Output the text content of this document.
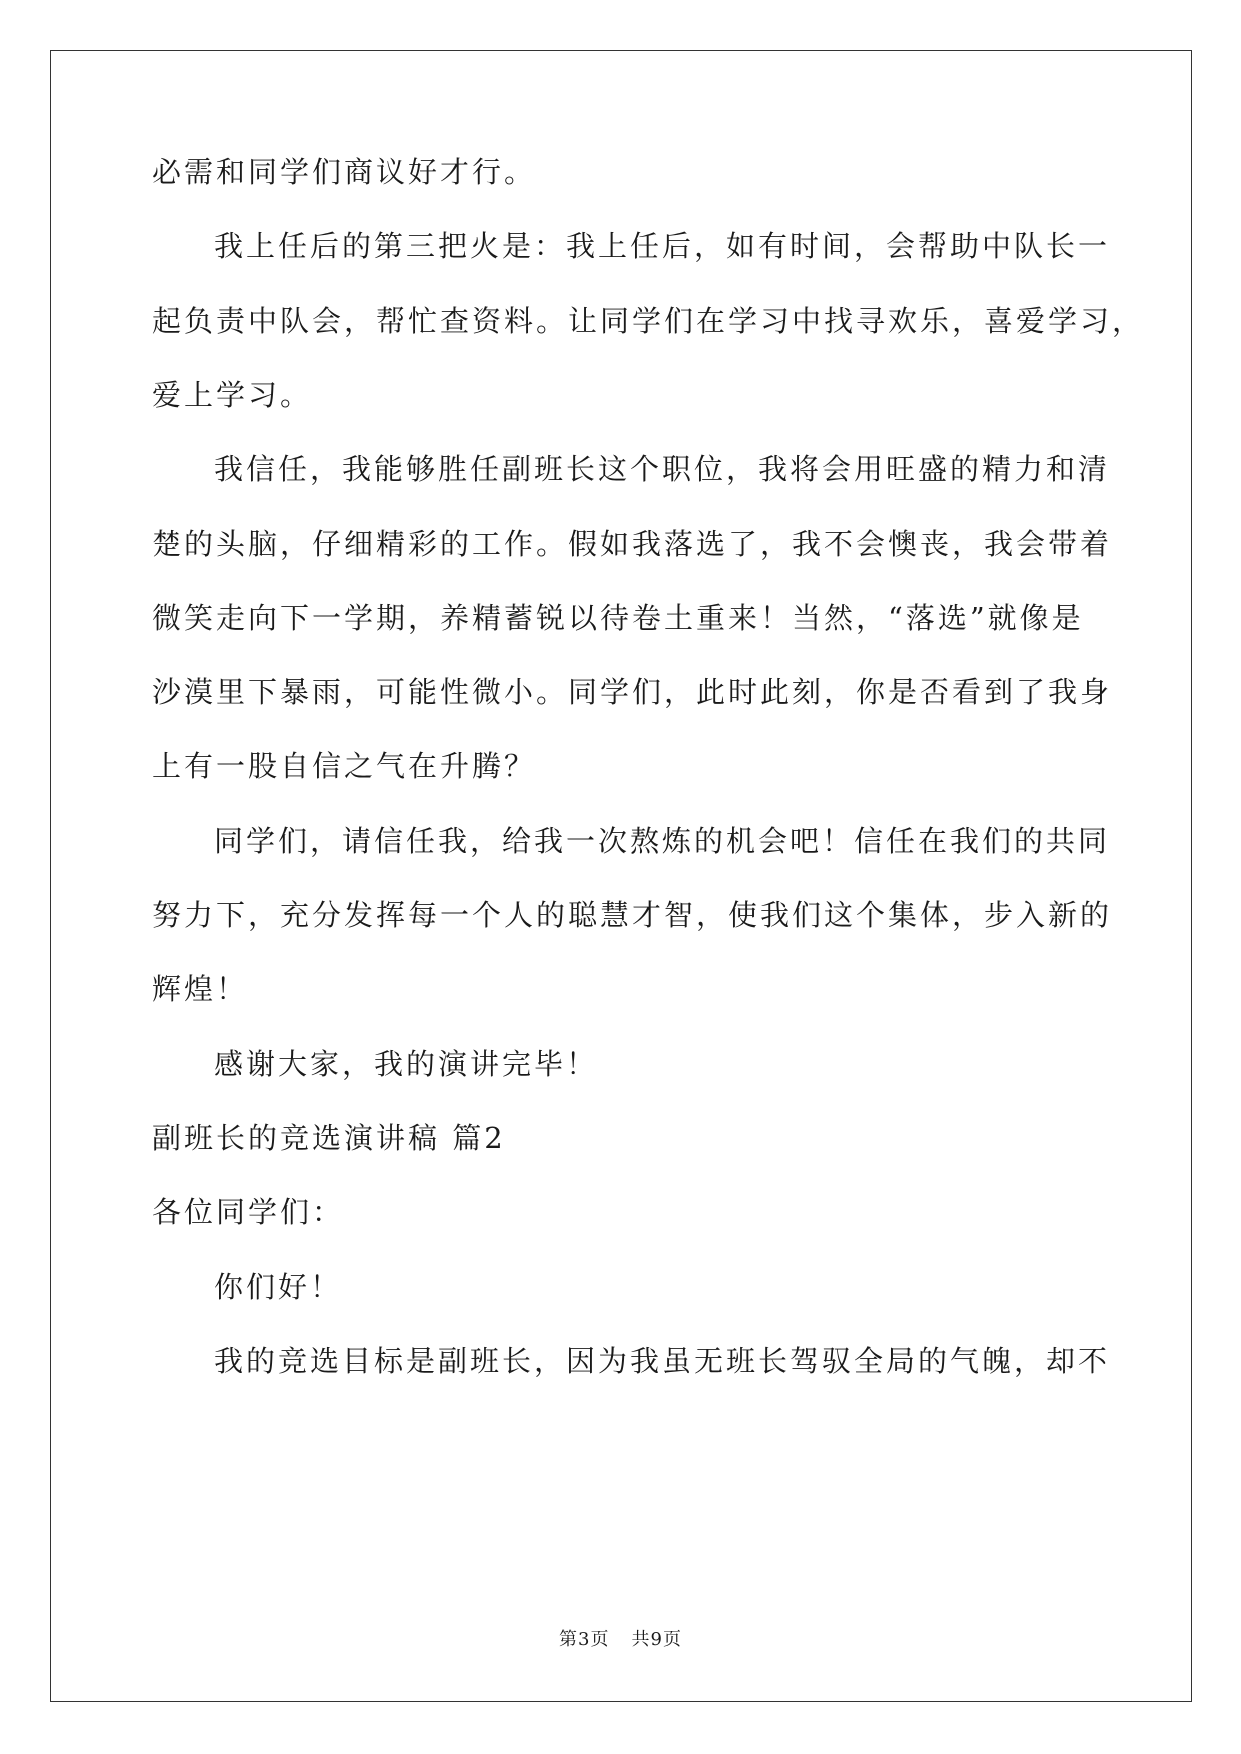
必需和同学们商议好才行。
我上任后的第三把火是：我上任后，如有时间，会帮助中队长一
起负责中队会，帮忙查资料。让同学们在学习中找寻欢乐，喜爱学习，
爱上学习。
我信任，我能够胜任副班长这个职位，我将会用旺盛的精力和清
楚的头脑，仔细精彩的工作。假如我落选了，我不会懊丧，我会带着
微笑走向下一学期，养精蓄锐以待卷土重来！当然，“落选”就像是
沙漠里下暴雨，可能性微小。同学们，此时此刻，你是否看到了我身
上有一股自信之气在升腾？
同学们，请信任我，给我一次熬炼的机会吧！信任在我们的共同
努力下，充分发挥每一个人的聪慧才智，使我们这个集体，步入新的
辉煌！
感谢大家，我的演讲完毕！
副班长的竞选演讲稿 篇2
各位同学们：
你们好！
我的竞选目标是副班长，因为我虽无班长驾驭全局的气魄，却不
第3页 共9页
